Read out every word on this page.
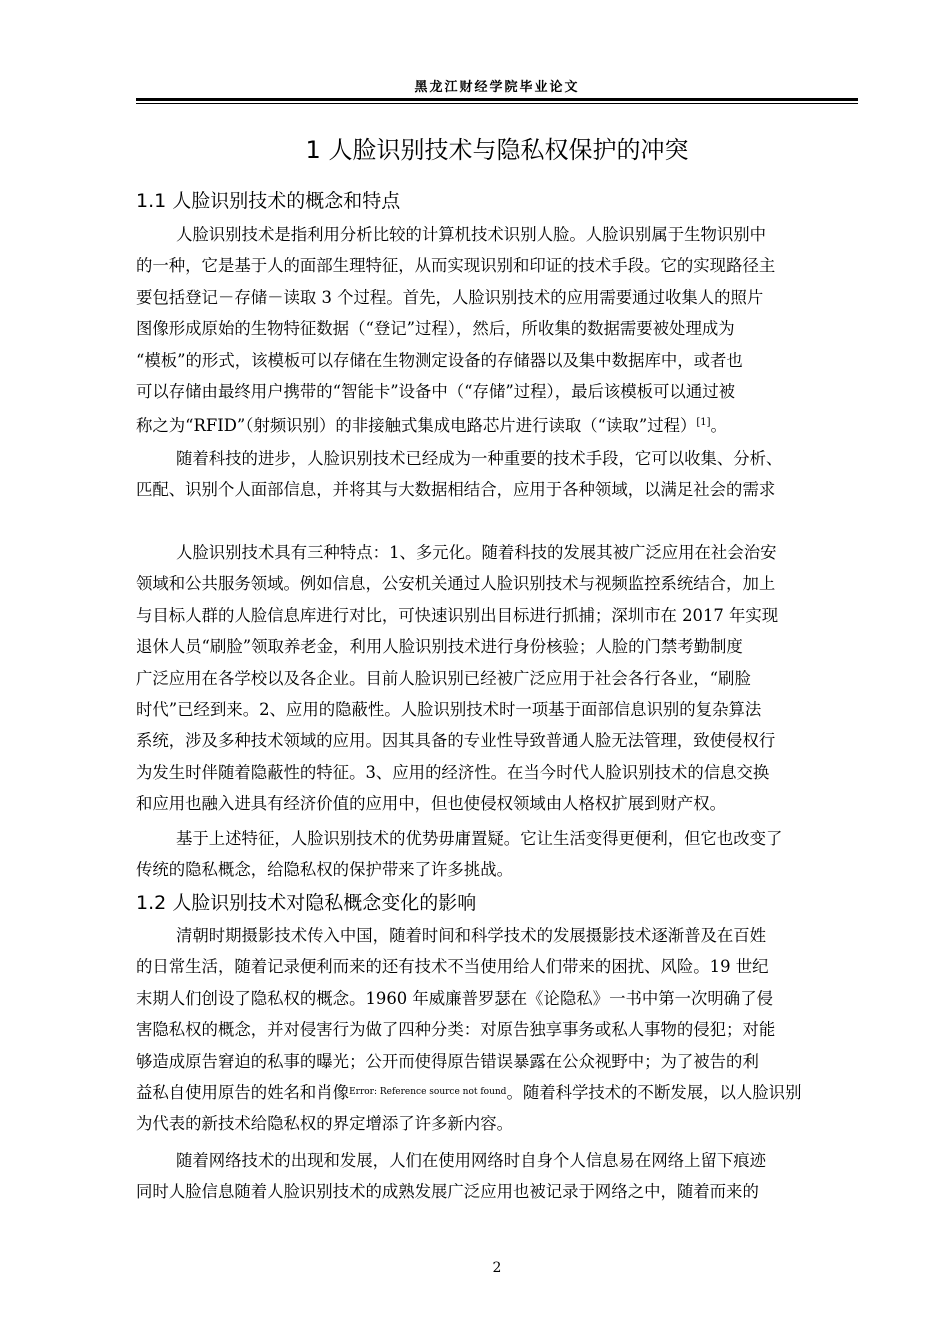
黑龙江财经学院毕业论文
1 人脸识别技术与隐私权保护的冲突
1.1 人脸识别技术的概念和特点
人脸识别技术是指利用分析比较的计算机技术识别人脸。人脸识别属于生物识别中
的一种，它是基于人的面部生理特征，从而实现识别和印证的技术手段。它的实现路径主
要包括登记－存储－读取 3 个过程。首先，人脸识别技术的应用需要通过收集人的照片
图像形成原始的生物特征数据（“登记”过程），然后，所收集的数据需要被处理成为
“模板”的形式，该模板可以存储在生物测定设备的存储器以及集中数据库中，或者也
可以存储由最终用户携带的“智能卡”设备中（“存储”过程），最后该模板可以通过被
称之为“RFID”（射频识别）的非接触式集成电路芯片进行读取（“读取”过程）[1]。
随着科技的进步，人脸识别技术已经成为一种重要的技术手段，它可以收集、分析、
匹配、识别个人面部信息，并将其与大数据相结合，应用于各种领域，以满足社会的需求
人脸识别技术具有三种特点：1、多元化。随着科技的发展其被广泛应用在社会治安
领域和公共服务领域。例如信息，公安机关通过人脸识别技术与视频监控系统结合，加上
与目标人群的人脸信息库进行对比，可快速识别出目标进行抓捕；深圳市在 2017 年实现
退休人员“刷脸”领取养老金，利用人脸识别技术进行身份核验；人脸的门禁考勤制度
广泛应用在各学校以及各企业。目前人脸识别已经被广泛应用于社会各行各业，“刷脸
时代”已经到来。2、应用的隐蔽性。人脸识别技术时一项基于面部信息识别的复杂算法
系统，涉及多种技术领域的应用。因其具备的专业性导致普通人脸无法管理，致使侵权行
为发生时伴随着隐蔽性的特征。3、应用的经济性。在当今时代人脸识别技术的信息交换
和应用也融入进具有经济价值的应用中，但也使侵权领域由人格权扩展到财产权。
基于上述特征，人脸识别技术的优势毋庸置疑。它让生活变得更便利，但它也改变了
传统的隐私概念，给隐私权的保护带来了许多挑战。
1.2 人脸识别技术对隐私概念变化的影响
清朝时期摄影技术传入中国，随着时间和科学技术的发展摄影技术逐渐普及在百姓
的日常生活，随着记录便利而来的还有技术不当使用给人们带来的困扰、风险。19 世纪
末期人们创设了隐私权的概念。1960 年威廉普罗瑟在《论隐私》一书中第一次明确了侵
害隐私权的概念，并对侵害行为做了四种分类：对原告独享事务或私人事物的侵犯；对能
够造成原告窘迫的私事的曝光；公开而使得原告错误暴露在公众视野中；为了被告的利
益私自使用原告的姓名和肖像$^{Error: Reference source not found}$。随着科学技术的不断发展，以人脸识别
为代表的新技术给隐私权的界定增添了许多新内容。
随着网络技术的出现和发展，人们在使用网络时自身个人信息易在网络上留下痕迹
同时人脸信息随着人脸识别技术的成熟发展广泛应用也被记录于网络之中，随着而来的
2
